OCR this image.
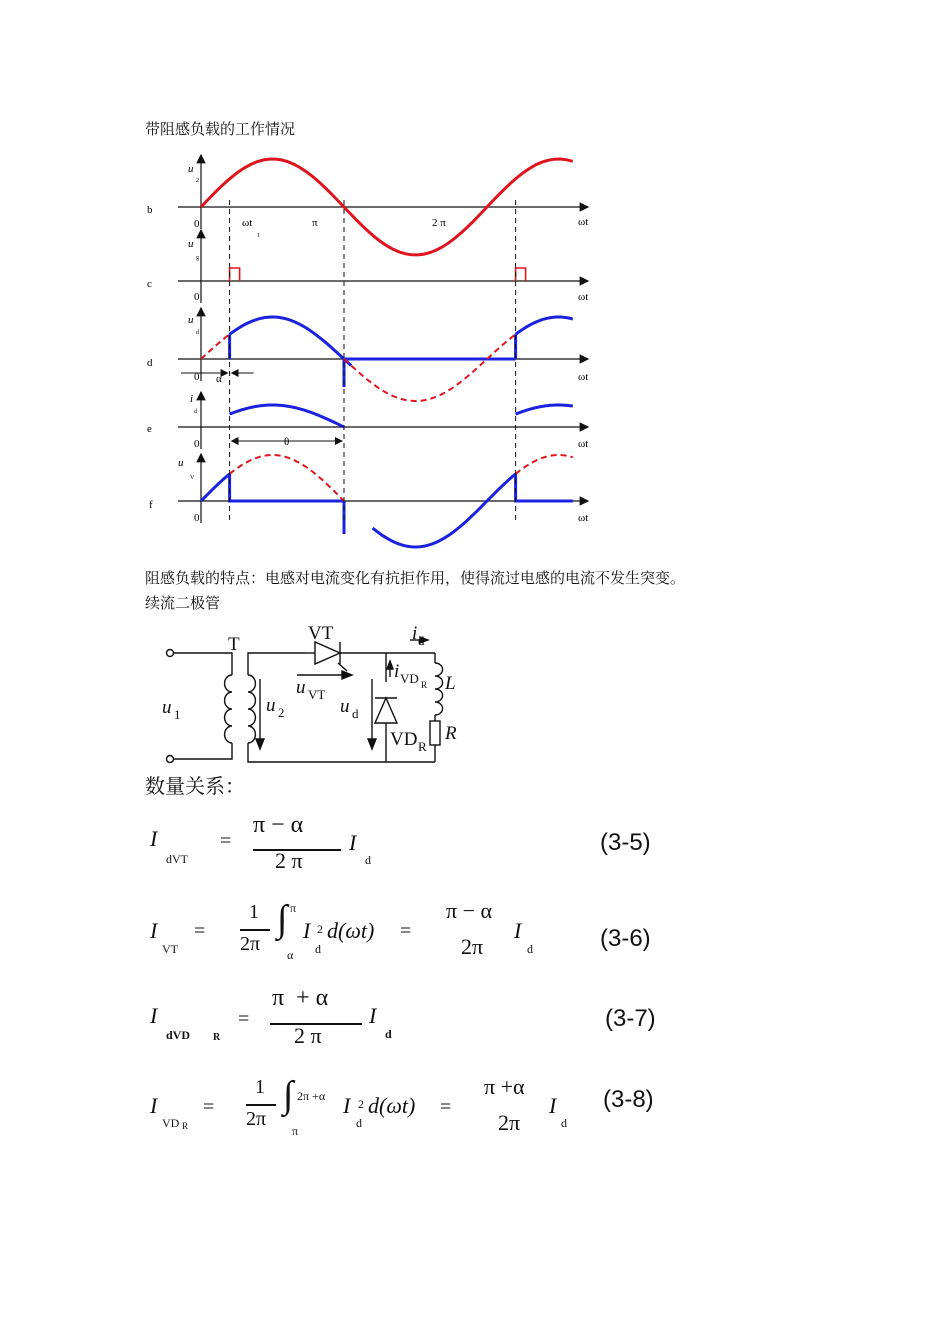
带阻感负载的工作情况
b
c
d
e
f
u
2
u
g
u
d
i
d
u
V
0
0
0
0
0
ωt
ωt
ωt
ωt
ωt
ωt
1
π	2 π
α
θ
阻感负载的特点：电感对电流变化有抗拒作用，使得流过电感的电流不发生突变。
续流二极管
T
VT
u 1	u 2
u VT
u d
i d
i VD R
VD R
L
R
数量关系：
I
dVT
=
π − α
2 π
I
d
(3-5)
I
VT
=
1
2π
∫ π
α
I 2
d
d(ωt) =
π − α
2π
I
d	(3-6)
I
dVD R
=
π  + α
2 π
I
d
(3-7)
I
VD R
=
1
2π
∫ 2π +α
π
I 2
d
d(ωt) =
π +α
2π
I
d
(3-8)
